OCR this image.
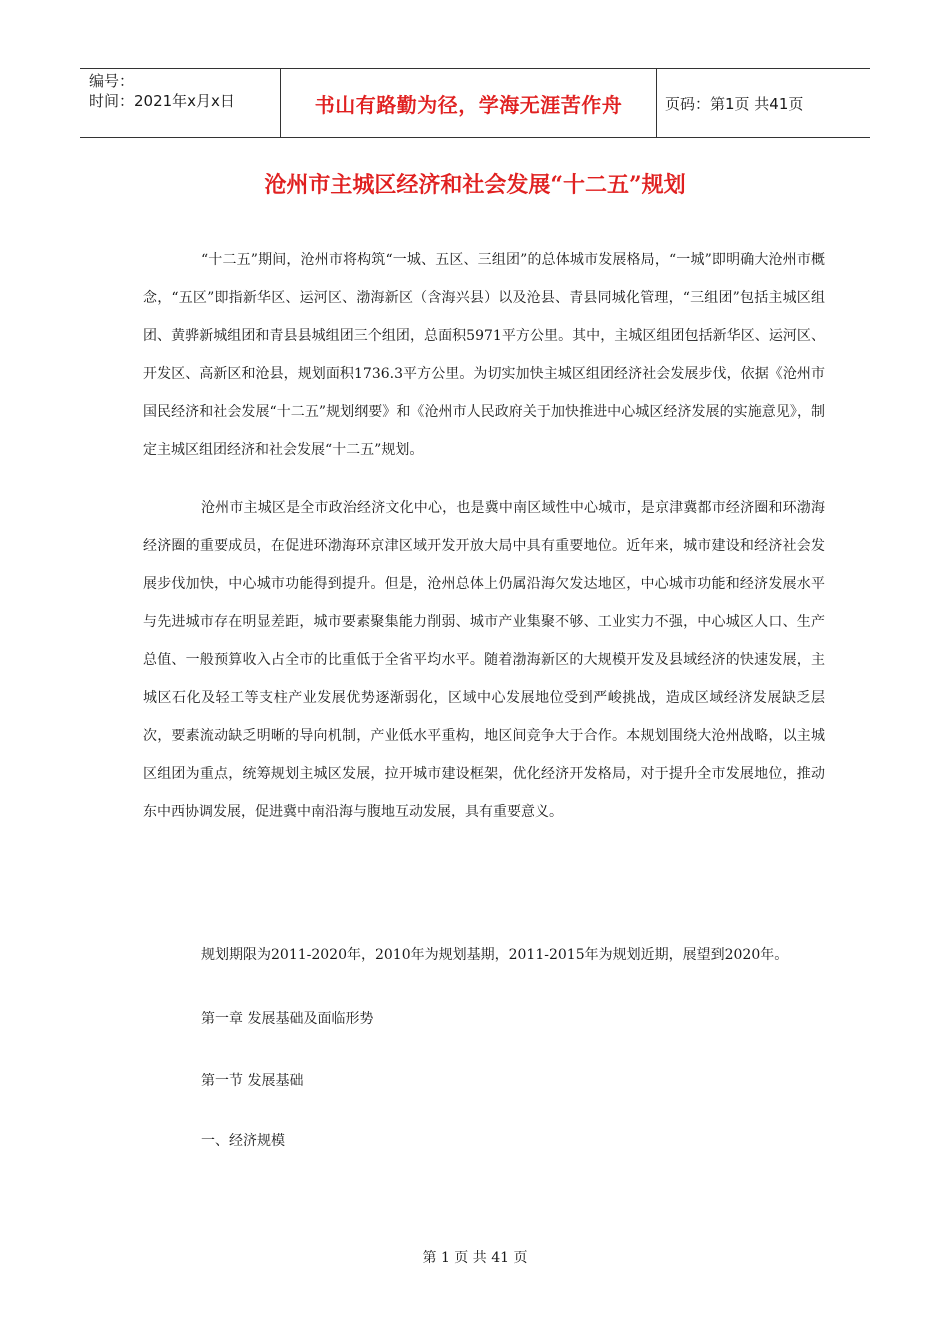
编号：
时间：2021年x月x日	书山有路勤为径，学海无涯苦作舟	页码：第1页 共41页
沧州市主城区经济和社会发展“十二五”规划

“十二五”期间，沧州市将构筑“一城、五区、三组团”的总体城市发展格局，“一城”即明确大沧州市概念，“五区”即指新华区、运河区、渤海新区（含海兴县）以及沧县、青县同城化管理，“三组团”包括主城区组团、黄骅新城组团和青县县城组团三个组团，总面积5971平方公里。其中，主城区组团包括新华区、运河区、开发区、高新区和沧县，规划面积1736.3平方公里。为切实加快主城区组团经济社会发展步伐，依据《沧州市国民经济和社会发展“十二五”规划纲要》和《沧州市人民政府关于加快推进中心城区经济发展的实施意见》，制定主城区组团经济和社会发展“十二五”规划。

沧州市主城区是全市政治经济文化中心，也是冀中南区域性中心城市，是京津冀都市经济圈和环渤海经济圈的重要成员，在促进环渤海环京津区域开发开放大局中具有重要地位。近年来，城市建设和经济社会发展步伐加快，中心城市功能得到提升。但是，沧州总体上仍属沿海欠发达地区，中心城市功能和经济发展水平与先进城市存在明显差距，城市要素聚集能力削弱、城市产业集聚不够、工业实力不强，中心城区人口、生产总值、一般预算收入占全市的比重低于全省平均水平。随着渤海新区的大规模开发及县域经济的快速发展，主城区石化及轻工等支柱产业发展优势逐渐弱化，区域中心发展地位受到严峻挑战，造成区域经济发展缺乏层次，要素流动缺乏明晰的导向机制，产业低水平重构，地区间竞争大于合作。本规划围绕大沧州战略，以主城区组团为重点，统筹规划主城区发展，拉开城市建设框架，优化经济开发格局，对于提升全市发展地位，推动东中西协调发展，促进冀中南沿海与腹地互动发展，具有重要意义。

规划期限为2011-2020年，2010年为规划基期，2011-2015年为规划近期，展望到2020年。
第一章 发展基础及面临形势
第一节 发展基础
一、经济规模
第 1 页 共 41 页
